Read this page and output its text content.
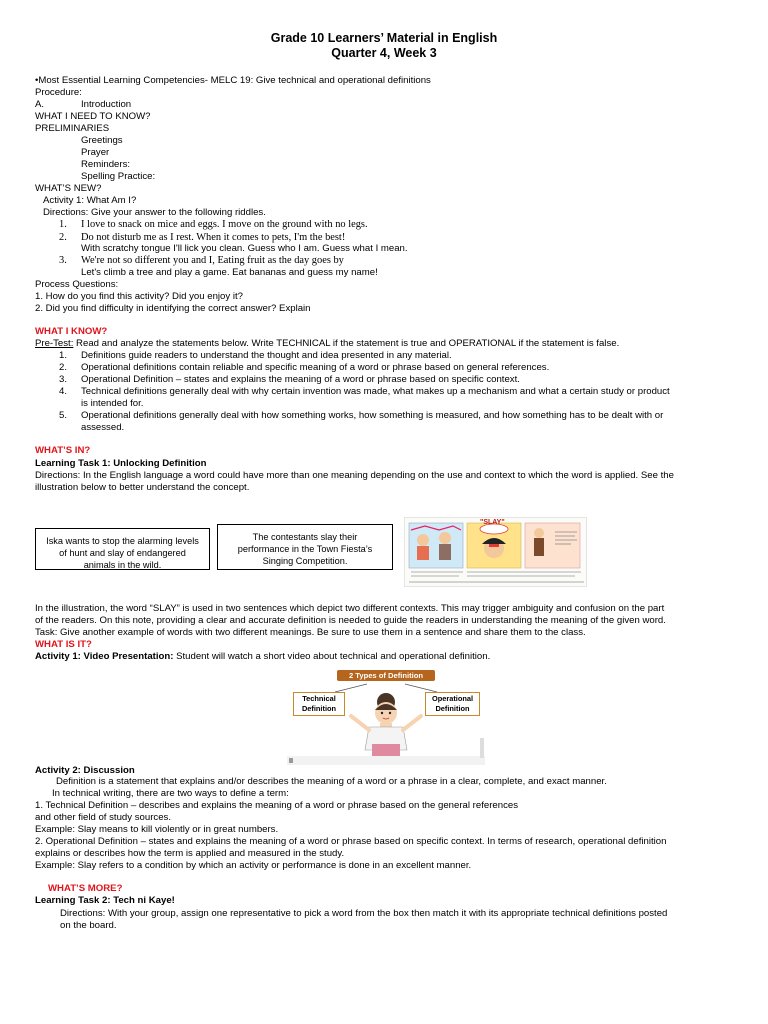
Grade 10 Learners’ Material in English
Quarter 4, Week 3
•Most Essential Learning Competencies- MELC 19: Give technical and operational definitions
Procedure:
A.	Introduction
WHAT I NEED TO KNOW?
PRELIMINARIES
Greetings
Prayer
Reminders:
Spelling Practice:
WHAT’S NEW?
Activity 1: What Am I?
Directions: Give your answer to the following riddles.
1. I love to snack on mice and eggs. I move on the ground with no legs.
2. Do not disturb me as I rest. When it comes to pets, I'm the best!
With scratchy tongue I'll lick you clean. Guess who I am. Guess what I mean.
3. We're not so different you and I, Eating fruit as the day goes by
Let's climb a tree and play a game. Eat bananas and guess my name!
Process Questions:
1. How do you find this activity? Did you enjoy it?
2. Did you find difficulty in identifying the correct answer? Explain
WHAT I KNOW?
Pre-Test: Read and analyze the statements below. Write TECHNICAL if the statement is true and OPERATIONAL if the statement is false.
1. Definitions guide readers to understand the thought and idea presented in any material.
2. Operational definitions contain reliable and specific meaning of a word or phrase based on general references.
3. Operational Definition – states and explains the meaning of a word or phrase based on specific context.
4. Technical definitions generally deal with why certain invention was made, what makes up a mechanism and what a certain study or product
is intended for.
5. Operational definitions generally deal with how something works, how something is measured, and how something has to be dealt with or
assessed.
WHAT’S IN?
Learning Task 1: Unlocking Definition
Directions: In the English language a word could have more than one meaning depending on the use and context to which the word is applied. See the
illustration below to better understand the concept.
Iska wants to stop the alarming levels
of hunt and slay of endangered
animals in the wild.
The contestants slay their
performance in the Town Fiesta’s
Singing Competition.
"SLAY"
In the illustration, the word “SLAY” is used in two sentences which depict two different contexts. This may trigger ambiguity and confusion on the part
of the readers. On this note, providing a clear and accurate definition is needed to guide the readers in understanding the meaning of the given word.
Task: Give another example of words with two different meanings. Be sure to use them in a sentence and share them to the class.
WHAT IS IT?
Activity 1: Video Presentation: Student will watch a short video about technical and operational definition.
2 Types of Definition
Technical
Definition
Operational
Definition
Activity 2: Discussion
Definition is a statement that explains and/or describes the meaning of a word or a phrase in a clear, complete, and exact manner.
In technical writing, there are two ways to define a term:
1. Technical Definition – describes and explains the meaning of a word or phrase based on the general references
and other field of study sources.
Example: Slay means to kill violently or in great numbers.
2. Operational Definition – states and explains the meaning of a word or phrase based on specific context. In terms of research, operational definition
explains or describes how the term is applied and measured in the study.
Example: Slay refers to a condition by which an activity or performance is done in an excellent manner.
WHAT’S MORE?
Learning Task 2: Tech ni Kaye!
Directions: With your group, assign one representative to pick a word from the box then match it with its appropriate technical definitions posted
on the board.
